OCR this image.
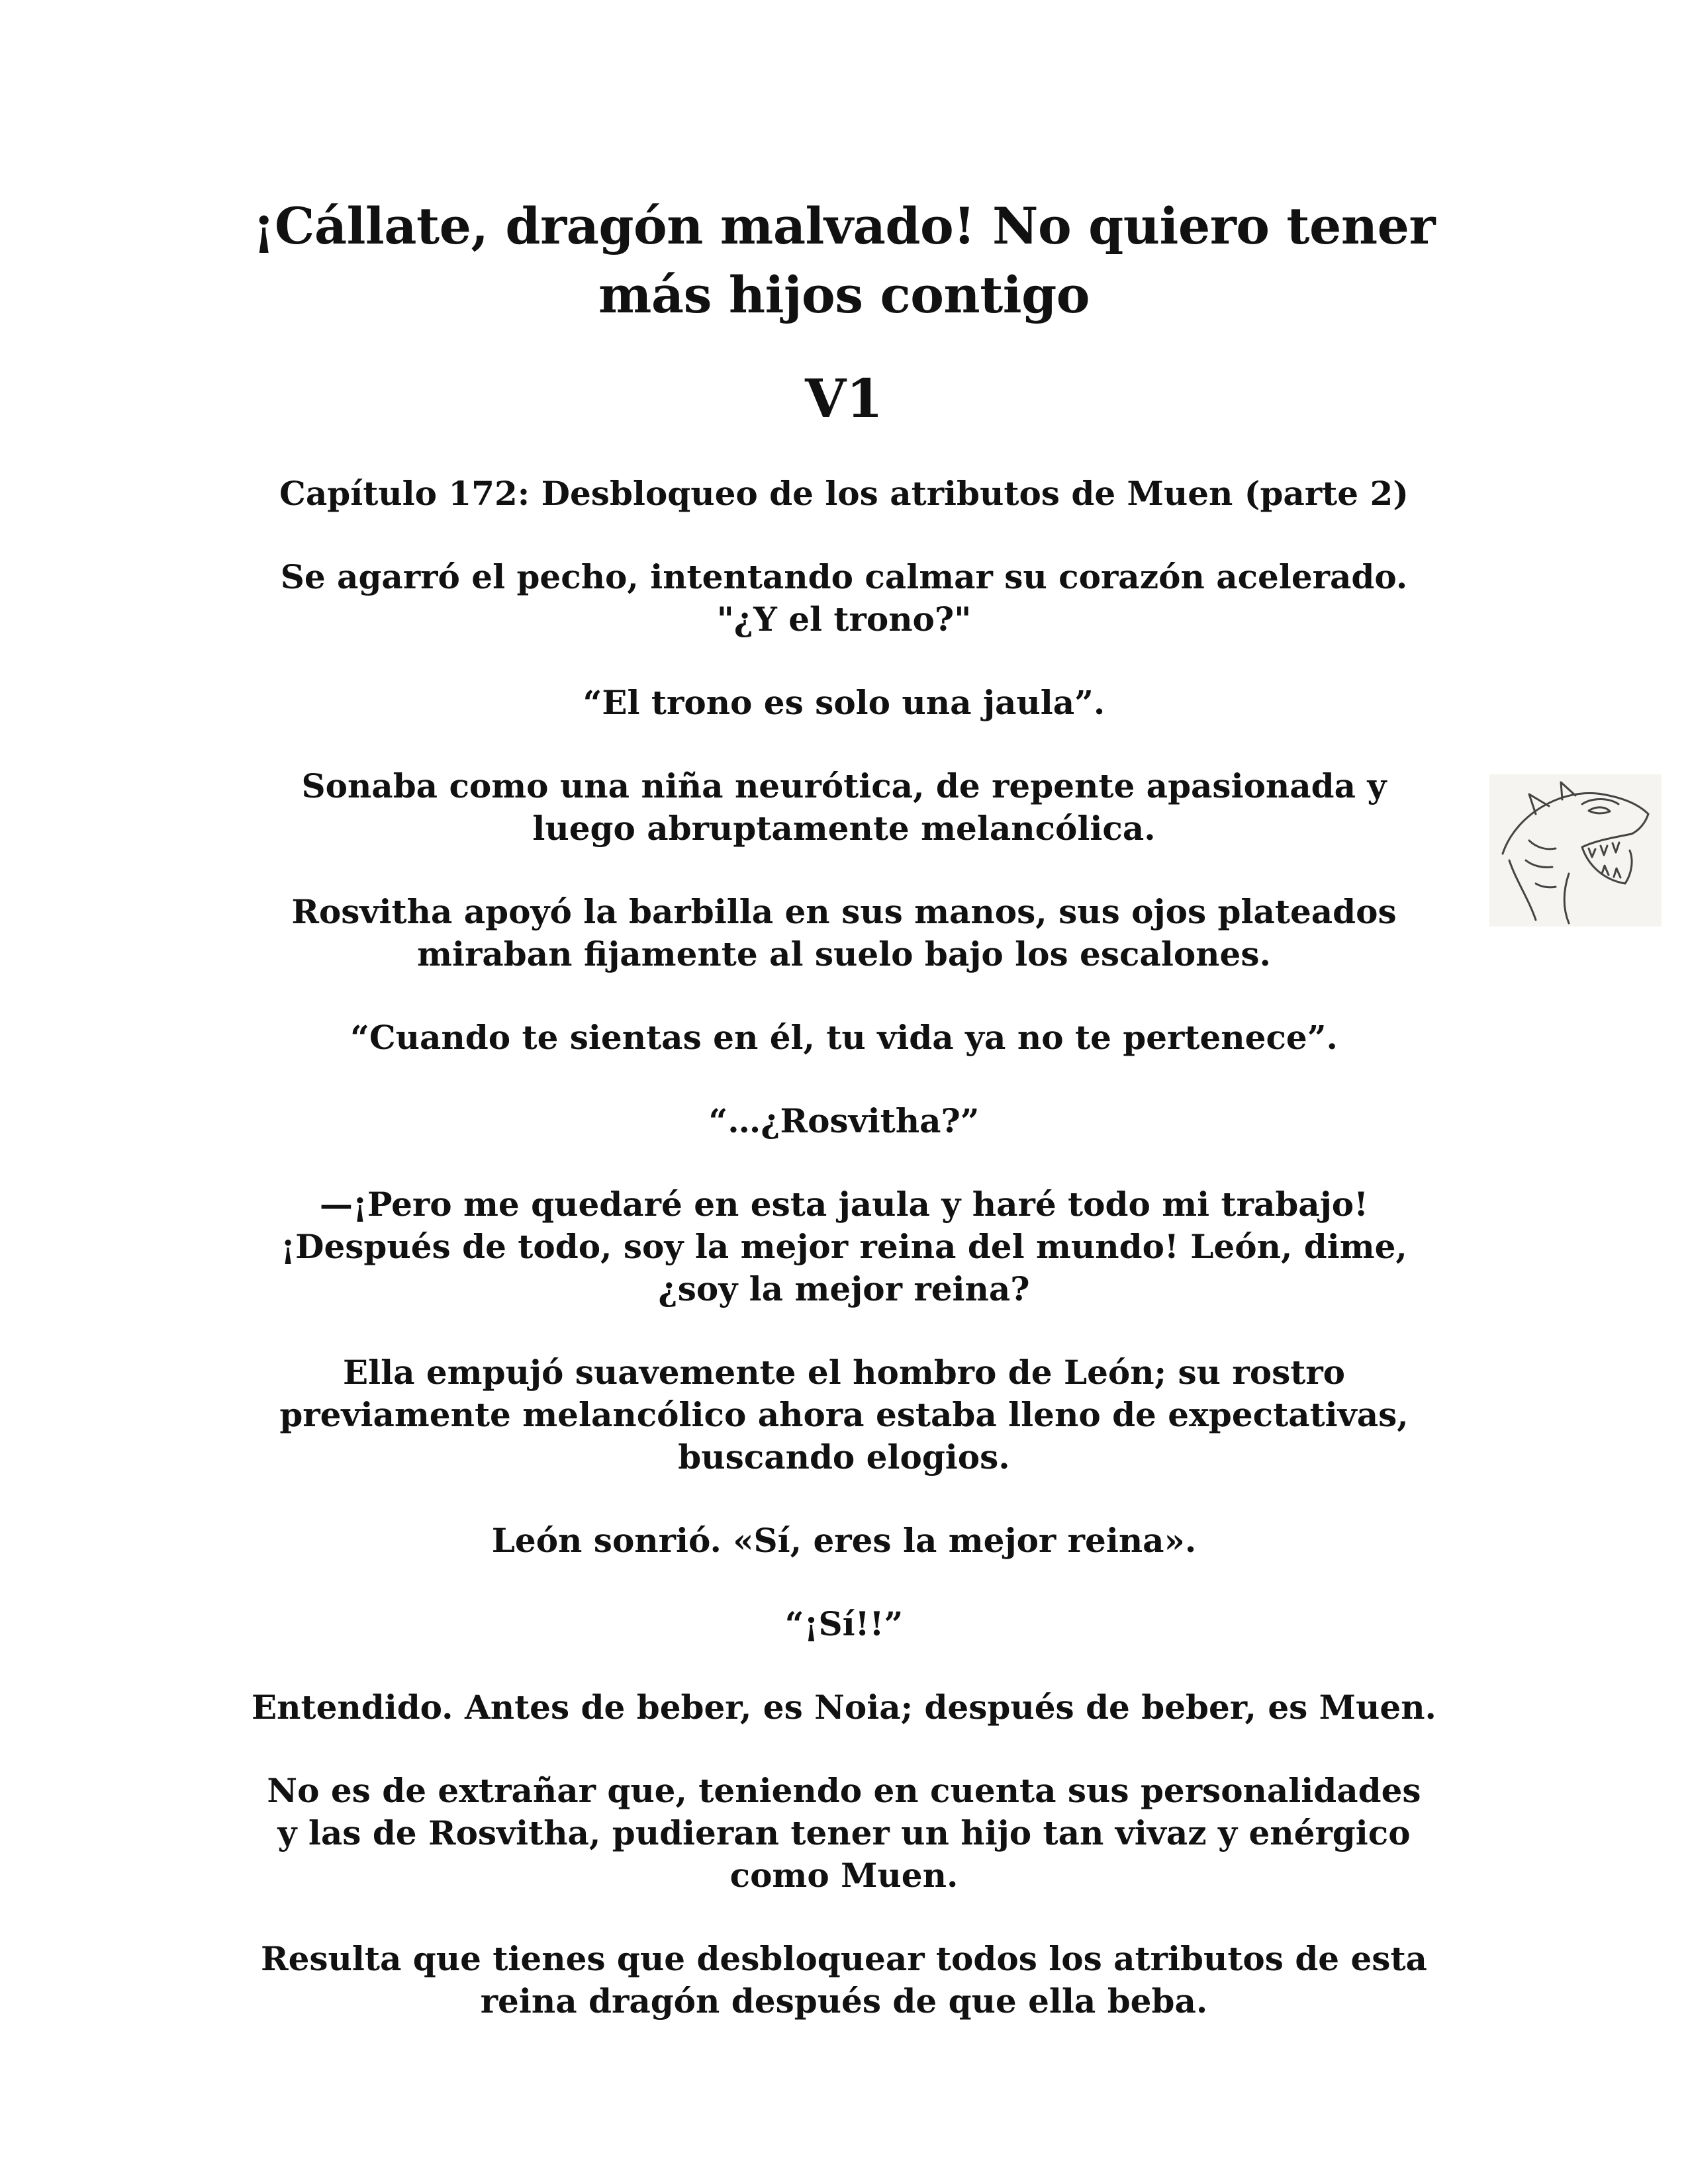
¡Cállate, dragón malvado! No quiero tener
más hijos contigo
V1

Capítulo 172: Desbloqueo de los atributos de Muen (parte 2)

Se agarró el pecho, intentando calmar su corazón acelerado.
"¿Y el trono?"

“El trono es solo una jaula”.

Sonaba como una niña neurótica, de repente apasionada y
luego abruptamente melancólica.

Rosvitha apoyó la barbilla en sus manos, sus ojos plateados
miraban fijamente al suelo bajo los escalones.

“Cuando te sientas en él, tu vida ya no te pertenece”.

“…¿Rosvitha?”

—¡Pero me quedaré en esta jaula y haré todo mi trabajo!
¡Después de todo, soy la mejor reina del mundo! León, dime,
¿soy la mejor reina?

Ella empujó suavemente el hombro de León; su rostro
previamente melancólico ahora estaba lleno de expectativas,
buscando elogios.

León sonrió. «Sí, eres la mejor reina».

“¡Sí!!”

Entendido. Antes de beber, es Noia; después de beber, es Muen.

No es de extrañar que, teniendo en cuenta sus personalidades
y las de Rosvitha, pudieran tener un hijo tan vivaz y enérgico
como Muen.

Resulta que tienes que desbloquear todos los atributos de esta
reina dragón después de que ella beba.
